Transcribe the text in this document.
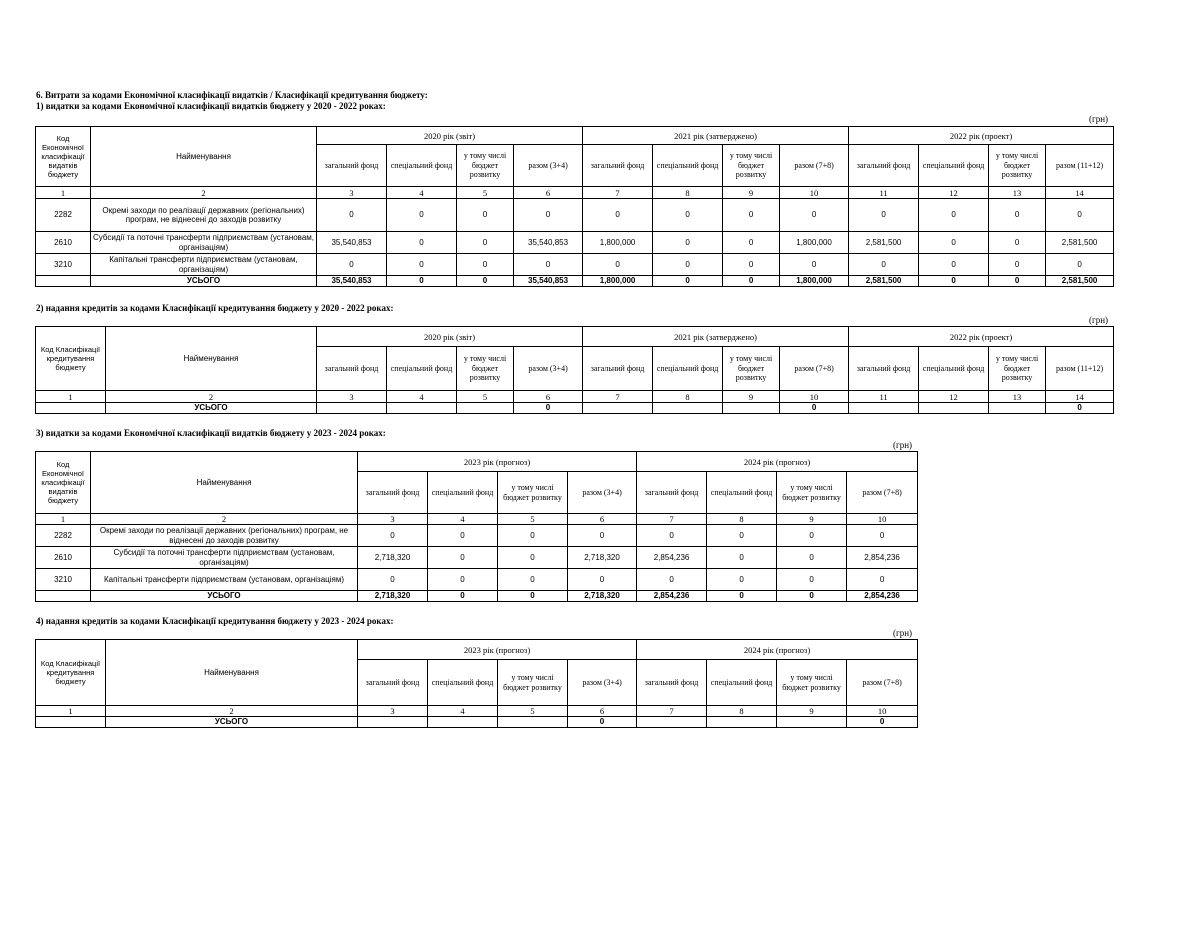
6. Витрати за кодами Економічної класифікації видатків / Класифікації кредитування бюджету:
1) видатки за кодами Економічної класифікації видатків бюджету у 2020 - 2022 роках:
(грн)
Код Економічної класифікації видатків бюджету	Найменування	2020 рік (звіт)				2021 рік (затверджено)				2022 рік (проект)			
		загальний фонд	спеціальний фонд	у тому числі бюджет розвитку	разом (3+4)	загальний фонд	спеціальний фонд	у тому числі бюджет розвитку	разом (7+8)	загальний фонд	спеціальний фонд	у тому числі бюджет розвитку	разом (11+12)
1	2	3	4	5	6	7	8	9	10	11	12	13	14
2282	Окремі заходи по реалізації державних (регіональних) програм, не віднесені до заходів розвитку	0	0	0	0	0	0	0	0	0	0	0	0
2610	Субсидії та поточні трансферти підприємствам (установам, організаціям)	35,540,853	0	0	35,540,853	1,800,000	0	0	1,800,000	2,581,500	0	0	2,581,500
3210	Капітальні трансферти підприємствам (установам, організаціям)	0	0	0	0	0	0	0	0	0	0	0	0
	УСЬОГО	35,540,853	0	0	35,540,853	1,800,000	0	0	1,800,000	2,581,500	0	0	2,581,500
2) надання кредитів за кодами Класифікації кредитування бюджету у 2020 - 2022 роках:
(грн)
Код Класифікації кредитування бюджету	Найменування	2020 рік (звіт)				2021 рік (затверджено)				2022 рік (проект)			
		загальний фонд	спеціальний фонд	у тому числі бюджет розвитку	разом (3+4)	загальний фонд	спеціальний фонд	у тому числі бюджет розвитку	разом (7+8)	загальний фонд	спеціальний фонд	у тому числі бюджет розвитку	разом (11+12)
1	2	3	4	5	6	7	8	9	10	11	12	13	14
	УСЬОГО				0				0				0
3) видатки за кодами Економічної класифікації видатків бюджету у 2023 - 2024 роках:
(грн)
Код Економічної класифікації видатків бюджету	Найменування	2023 рік (прогноз)				2024 рік (прогноз)			
		загальний фонд	спеціальний фонд	у тому числі бюджет розвитку	разом (3+4)	загальний фонд	спеціальний фонд	у тому числі бюджет розвитку	разом (7+8)
1	2	3	4	5	6	7	8	9	10
2282	Окремі заходи по реалізації державних (регіональних) програм, не віднесені до заходів розвитку	0	0	0	0	0	0	0	0
2610	Субсидії та поточні трансферти підприємствам (установам, організаціям)	2,718,320	0	0	2,718,320	2,854,236	0	0	2,854,236
3210	Капітальні трансферти підприємствам (установам, організаціям)	0	0	0	0	0	0	0	0
	УСЬОГО	2,718,320	0	0	2,718,320	2,854,236	0	0	2,854,236
4) надання кредитів за кодами Класифікації кредитування бюджету у 2023 - 2024 роках:
(грн)
Код Класифікації кредитування бюджету	Найменування	2023 рік (прогноз)				2024 рік (прогноз)			
		загальний фонд	спеціальний фонд	у тому числі бюджет розвитку	разом (3+4)	загальний фонд	спеціальний фонд	у тому числі бюджет розвитку	разом (7+8)
1	2	3	4	5	6	7	8	9	10
	УСЬОГО				0				0
